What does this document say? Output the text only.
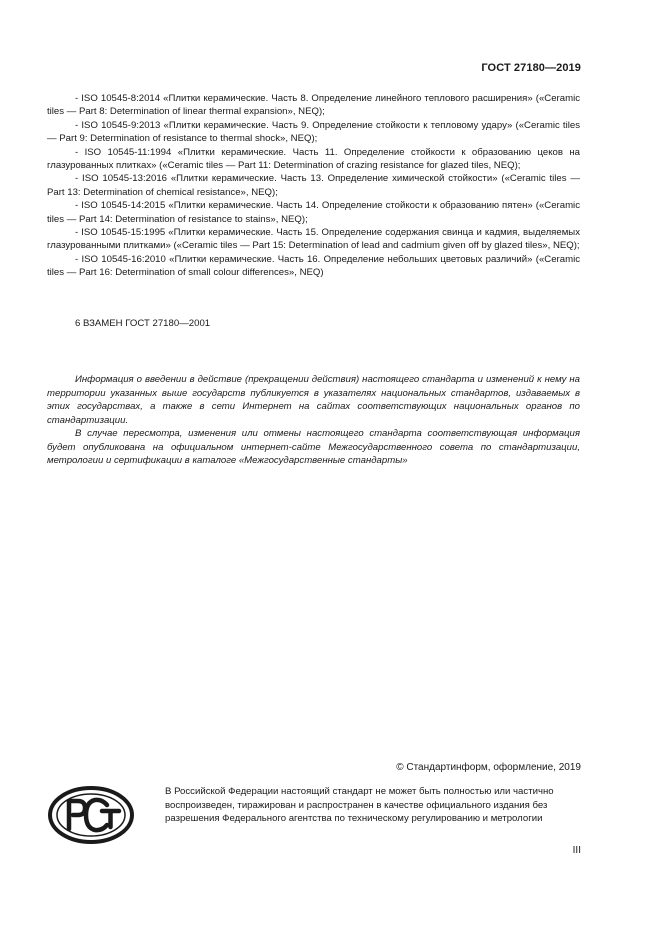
ГОСТ 27180—2019

- ISO 10545-8:2014 «Плитки керамические. Часть 8. Определение линейного теплового расширения» («Ceramic tiles — Part 8: Determination of linear thermal expansion», NEQ);

- ISO 10545-9:2013 «Плитки керамические. Часть 9. Определение стойкости к тепловому удару» («Ceramic tiles — Part 9: Determination of resistance to thermal shock», NEQ);

- ISO 10545-11:1994 «Плитки керамические. Часть 11. Определение стойкости к образованию цеков на глазурованных плитках» («Ceramic tiles — Part 11: Determination of crazing resistance for glazed tiles, NEQ);

- ISO 10545-13:2016 «Плитки керамические. Часть 13. Определение химической стойкости» («Ceramic tiles — Part 13: Determination of chemical resistance», NEQ);

- ISO 10545-14:2015 «Плитки керамические. Часть 14. Определение стойкости к образованию пятен» («Ceramic tiles — Part 14: Determination of resistance to stains», NEQ);

- ISO 10545-15:1995 «Плитки керамические. Часть 15. Определение содержания свинца и кадмия, выделяемых глазурованными плитками» («Ceramic tiles — Part 15: Determination of lead and cadmium given off by glazed tiles», NEQ);

- ISO 10545-16:2010 «Плитки керамические. Часть 16. Определение небольших цветовых различий» («Ceramic tiles — Part 16: Determination of small colour differences», NEQ)

6 ВЗАМЕН ГОСТ 27180—2001

Информация о введении в действие (прекращении действия) настоящего стандарта и изменений к нему на территории указанных выше государств публикуется в указателях национальных стандартов, издаваемых в этих государствах, а также в сети Интернет на сайтах соответствующих национальных органов по стандартизации.

В случае пересмотра, изменения или отмены настоящего стандарта соответствующая информация будет опубликована на официальном интернет-сайте Межгосударственного совета по стандартизации, метрологии и сертификации в каталоге «Межгосударственные стандарты»

© Стандартинформ, оформление, 2019
В Российской Федерации настоящий стандарт не может быть полностью или частично воспроизведен, тиражирован и распространен в качестве официального издания без разрешения Федерального агентства по техническому регулированию и метрологии
III
